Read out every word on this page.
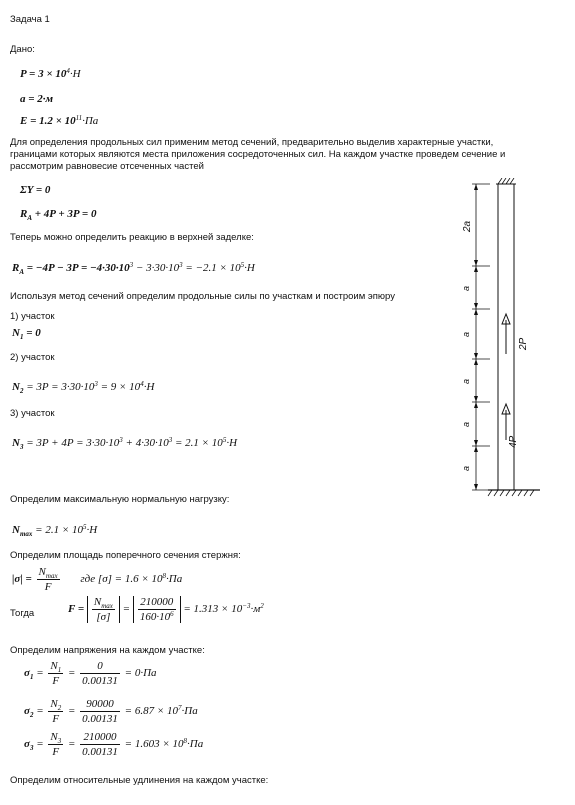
Задача 1
Дано:
$P = 3 \times 10^4\cdot H$
a = 2·м
$E = 1.2 \times 10^{11}\cdot Па$
Для определения продольных сил применим метод сечений, предварительно выделив характерные участки,
границами которых являются места приложения сосредоточенных сил. На каждом участке проведем сечение и
рассмотрим равновесие отсеченных частей
ΣY = 0
$R_A + 4P + 3P = 0$
Теперь можно определить реакцию в верхней заделке:
$R_A = -4P - 3P = -4\cdot 30\cdot 10^3 - 3\cdot 30\cdot 10^3 = -2.1 \times 10^5\cdot H$
Используя метод сечений определим продольные силы по участкам и построим эпюру
1) участок
$N_1 = 0$
2) участок
$N_2 = 3P = 3\cdot 30\cdot 10^3 = 9 \times 10^4\cdot H$
3) участок
$N_3 = 3P + 4P = 3\cdot 30\cdot 10^3 + 4\cdot 30\cdot 10^3 = 2.1 \times 10^5\cdot H$
Определим максимальную нормальную нагрузку:
$N_{max} = 2.1 \times 10^5\cdot H$
Определим площадь поперечного сечения стержня:
$|\sigma| = \frac{N_{max}}{F}$ где $[\sigma] = 1.6 \times 10^8\cdot Па$
Тогда	$F = \frac{N_{max}}{[\sigma]} = \frac{210000}{160\cdot 10^6} = 1.313 \times 10^{-3}\cdot м^2$
Определим напряжения на каждом участке:
$\sigma_1 = \frac{N_1}{F} = \frac{0}{0.00131} = 0\cdot Па$
$\sigma_2 = \frac{N_2}{F} = \frac{90000}{0.00131} = 6.87 \times 10^7\cdot Па$
$\sigma_3 = \frac{N_3}{F} = \frac{210000}{0.00131} = 1.603 \times 10^8\cdot Па$
Определим относительные удлинения на каждом участке:
2a
a
a
a
a
a
2P
4P
